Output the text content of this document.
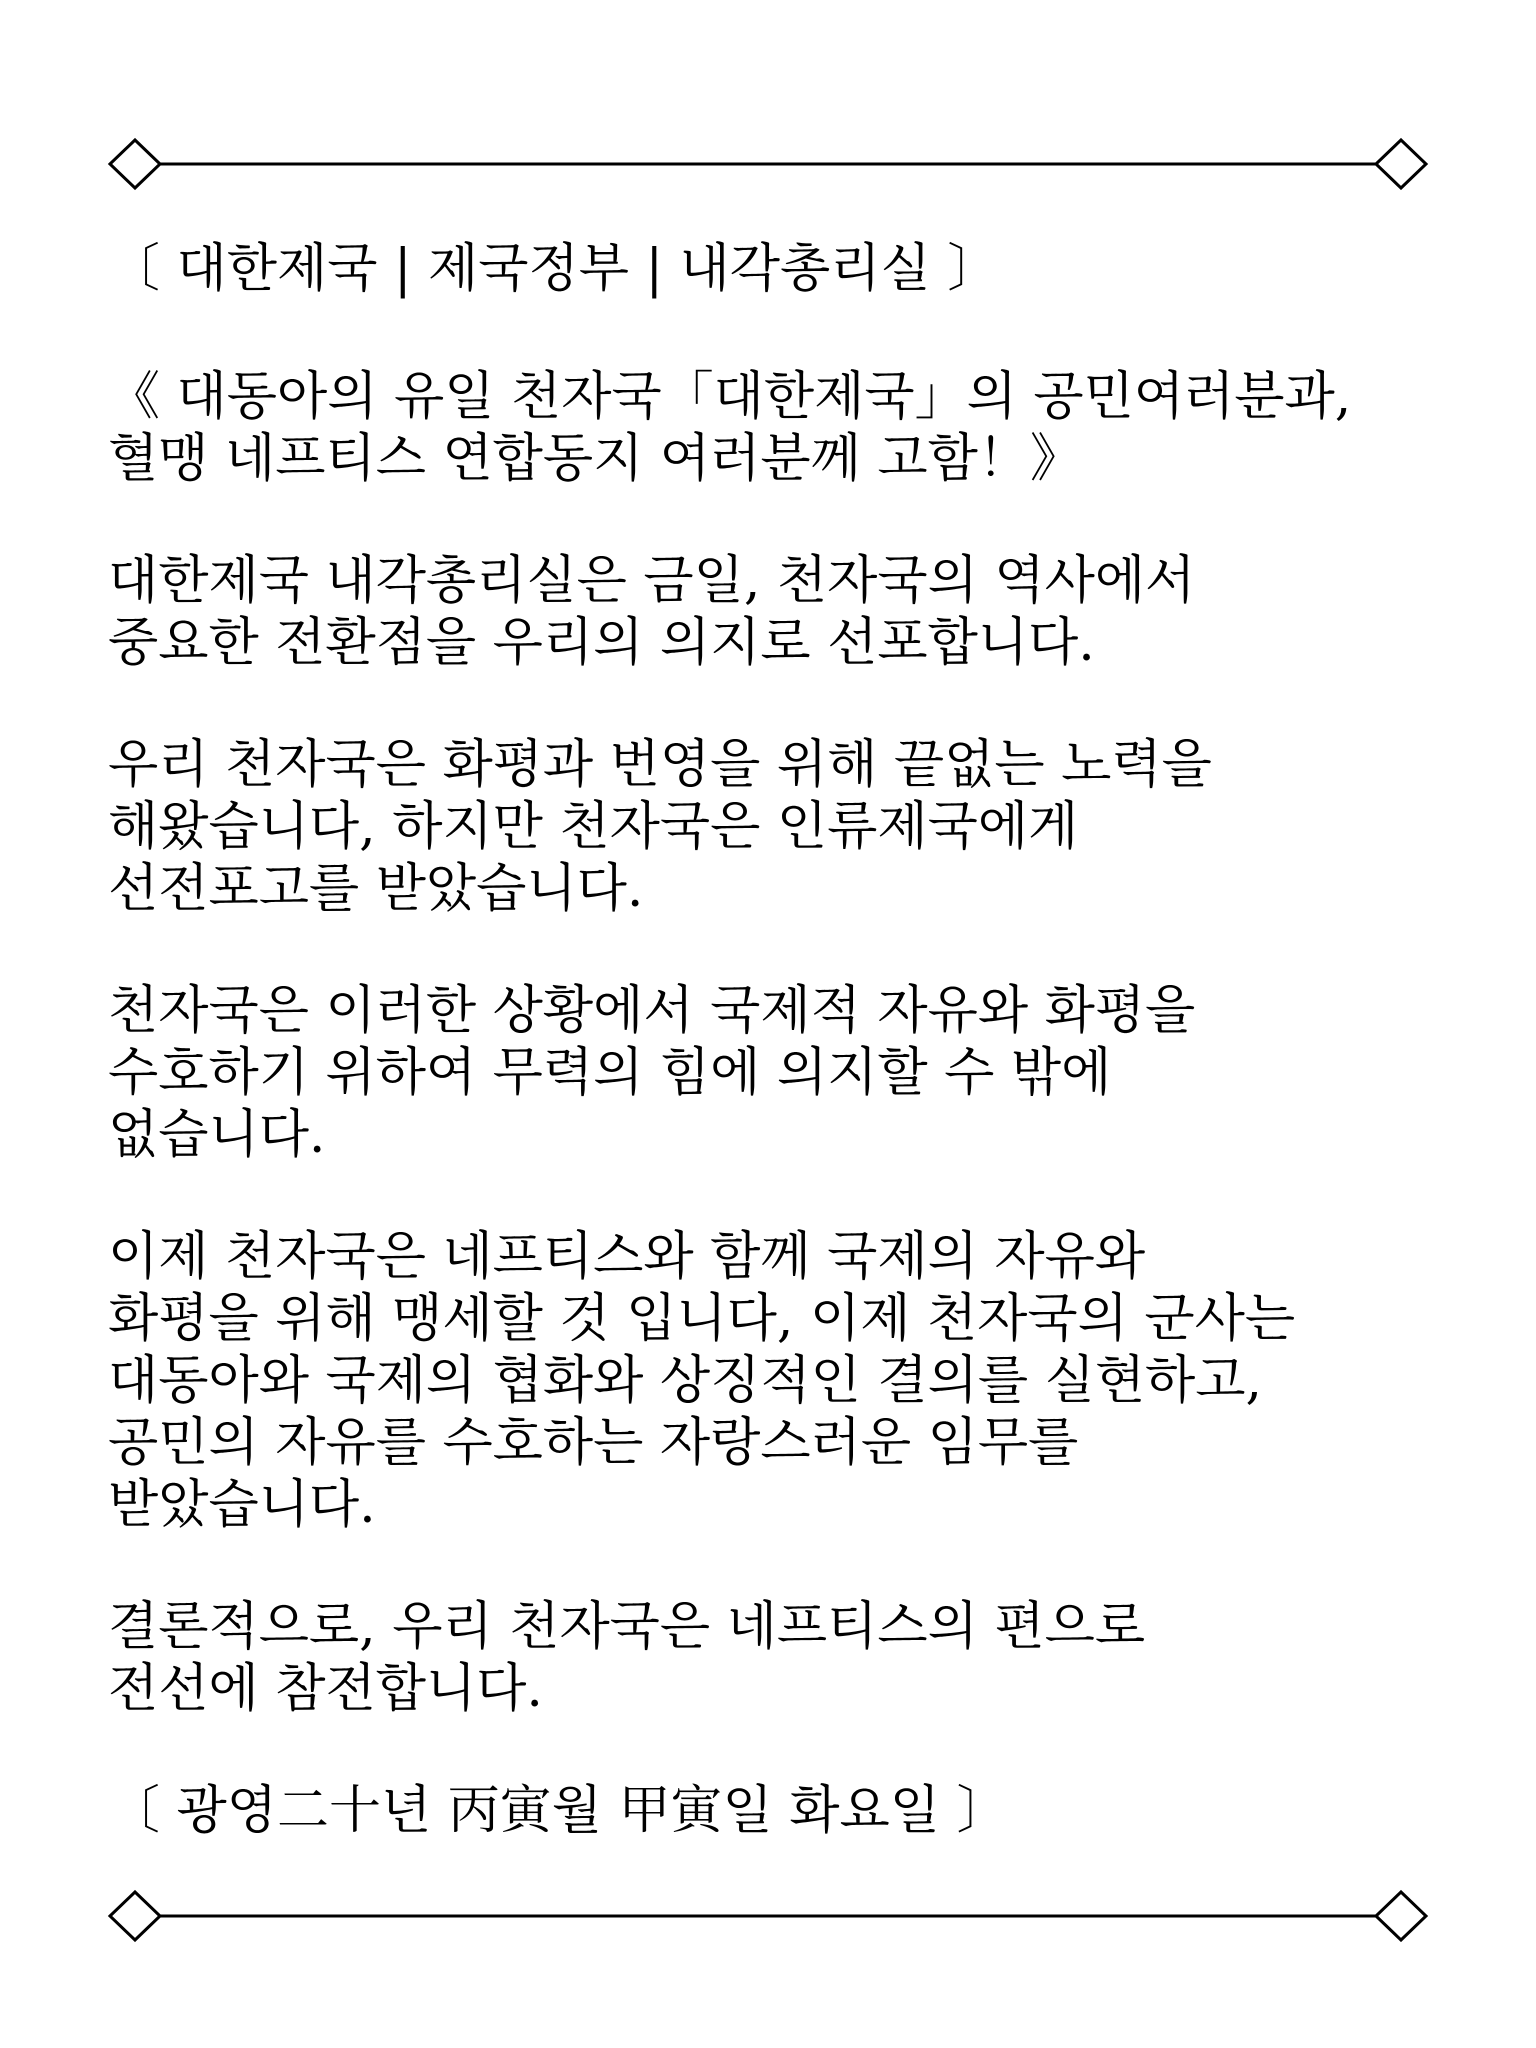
〔 대한제국 | 제국정부 | 내각총리실 〕
《 대동아의 유일 천자국「대한제국」의 공민여러분과,
혈맹 네프티스 연합동지 여러분께 고함！》
대한제국 내각총리실은 금일, 천자국의 역사에서
중요한 전환점을 우리의 의지로 선포합니다.
우리 천자국은 화평과 번영을 위해 끝없는 노력을
해왔습니다, 하지만 천자국은 인류제국에게
선전포고를 받았습니다.
천자국은 이러한 상황에서 국제적 자유와 화평을
수호하기 위하여 무력의 힘에 의지할 수 밖에
없습니다.
이제 천자국은 네프티스와 함께 국제의 자유와
화평을 위해 맹세할 것 입니다, 이제 천자국의 군사는
대동아와 국제의 협화와 상징적인 결의를 실현하고,
공민의 자유를 수호하는 자랑스러운 임무를
받았습니다.
결론적으로, 우리 천자국은 네프티스의 편으로
전선에 참전합니다.
〔 광영二十년 丙寅월 甲寅일 화요일 〕
